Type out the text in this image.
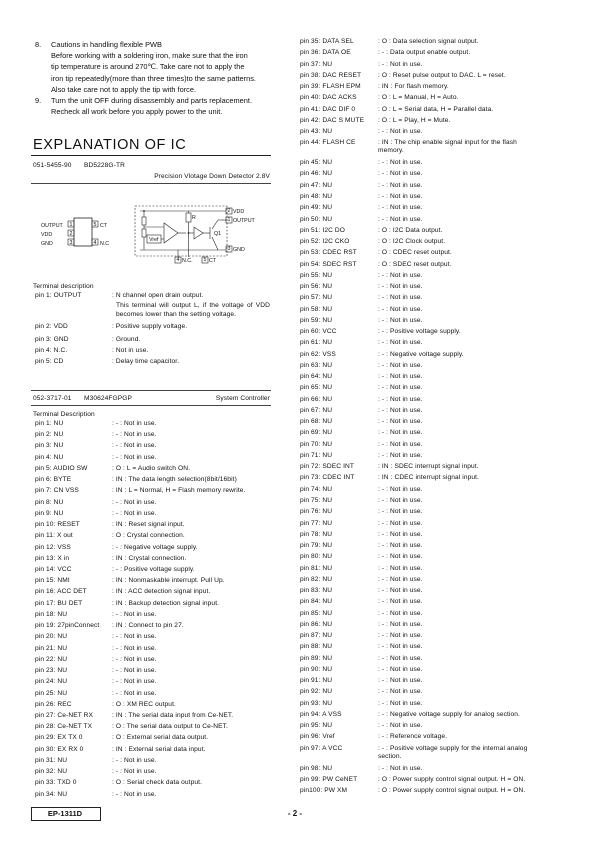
8. Cautions in handling flexible PWB
Before working with a soldering iron, make sure that the iron
tip temperature is around 270℃. Take care not to apply the
iron tip repeatedly(more than three times)to the same patterns.
Also take care not to apply the tip with force.
9. Turn the unit OFF during disassembly and parts replacement.
Recheck all work before you apply power to the unit.
EXPLANATION OF IC
051-5455-90 BD5228G-TR
Precision Vlotage Down Detector 2.8V
OUTPUT
VDD
GND
1
2
3
5
4
CT
N.C
Vref
R
Q1
2 VDD
1 OUTPUT
3 GND
4 N.C. 5 CT
Terminal description
pin 1: OUTPUT	: N channel open drain output.
This terminal will output L, if the voltage of VDD becomes lower than the setting voltage.
pin 2: VDD	: Positive supply voltage.
pin 3: GND	: Ground.
pin 4: N.C.	: Not in use.
pin 5: CD	: Delay time capacitor.
052-3717-01 M30624FGPGP	System Controller
Terminal Description
pin 1: NU	: - : Not in use.
pin 2: NU	: - : Not in use.
pin 3: NU	: - : Not in use.
pin 4: NU	: - : Not in use.
pin 5: AUDIO SW	: O : L = Audio switch ON.
pin 6: BYTE	: IN : The data length selection(8bit/16bit)
pin 7: CN VSS	: IN : L = Normal, H = Flash memory rewrite.
pin 8: NU	: - : Not in use.
pin 9: NU	: - : Not in use.
pin 10: RESET	: IN : Reset signal input.
pin 11: X out	: O : Crystal connection.
pin 12: VSS	: - : Negative voltage supply.
pin 13: X in	: IN : Crystal connection.
pin 14: VCC	: - : Positive voltage supply.
pin 15: NMI	: IN : Nonmaskable interrupt. Pull Up.
pin 16: ACC DET	: IN : ACC detection signal input.
pin 17: BU DET	: IN : Backup detection signal input.
pin 18: NU	: - : Not in use.
pin 19: 27pinConnect : IN : Connect to pin 27.
pin 20: NU	: - : Not in use.
pin 21: NU	: - : Not in use.
pin 22: NU	: - : Not in use.
pin 23: NU	: - : Not in use.
pin 24: NU	: - : Not in use.
pin 25: NU	: - : Not in use.
pin 26: REC	: O : XM REC output.
pin 27: Ce-NET RX	: IN : The serial data input from Ce-NET.
pin 28: Ce-NET TX	: O : The serial data output to Ce-NET.
pin 29: EX TX 0	: O : External serial data output.
pin 30: EX RX 0	: IN : External serial data input.
pin 31: NU	: - : Not in use.
pin 32: NU	: - : Not in use.
pin 33: TXD 0	: O : Serial check data output.
pin 34: NU	: - : Not in use.
pin 35: DATA SEL	: O : Data selection signal output.
pin 36: DATA OE	: - : Data output enable output.
pin 37: NU	: - : Not in use.
pin 38: DAC RESET	: O : Reset pulse output to DAC. L = reset.
pin 39: FLASH EPM	: IN : For flash memory.
pin 40: DAC ACKS	: O : L = Manual, H = Auto.
pin 41: DAC DIF 0	: O : L = Serial data, H = Parallel data.
pin 42: DAC S MUTE : O : L = Play, H = Mute.
pin 43: NU	: - : Not in use.
pin 44: FLASH CE	: IN : The chip enable signal input for the flash memory.
pin 45: NU	: - : Not in use.
pin 46: NU	: - : Not in use.
pin 47: NU	: - : Not in use.
pin 48: NU	: - : Not in use.
pin 49: NU	: - : Not in use.
pin 50: NU	: - : Not in use.
pin 51: I2C DO	: O : I2C Data output.
pin 52: I2C CKO	: O : I2C Clock output.
pin 53: CDEC RST	: O : CDEC reset output.
pin 54: SDEC RST	: O : SDEC reset output.
pin 55: NU	: - : Not in use.
pin 56: NU	: - : Not in use.
pin 57: NU	: - : Not in use.
pin 58: NU	: - : Not in use.
pin 59: NU	: - : Not in use.
pin 60: VCC	: - : Positive voltage supply.
pin 61: NU	: - : Not in use.
pin 62: VSS	: - : Negative voltage supply.
pin 63: NU	: - : Not in use.
pin 64: NU	: - : Not in use.
pin 65: NU	: - : Not in use.
pin 66: NU	: - : Not in use.
pin 67: NU	: - : Not in use.
pin 68: NU	: - : Not in use.
pin 69: NU	: - : Not in use.
pin 70: NU	: - : Not in use.
pin 71: NU	: - : Not in use.
pin 72: SDEC INT	: IN : SDEC interrupt signal input.
pin 73: CDEC INT	: IN : CDEC interrupt signal input.
pin 74: NU	: - : Not in use.
pin 75: NU	: - : Not in use.
pin 76: NU	: - : Not in use.
pin 77: NU	: - : Not in use.
pin 78: NU	: - : Not in use.
pin 79: NU	: - : Not in use.
pin 80: NU	: - : Not in use.
pin 81: NU	: - : Not in use.
pin 82: NU	: - : Not in use.
pin 83: NU	: - : Not in use.
pin 84: NU	: - : Not in use.
pin 85: NU	: - : Not in use.
pin 86: NU	: - : Not in use.
pin 87: NU	: - : Not in use.
pin 88: NU	: - : Not in use.
pin 89: NU	: - : Not in use.
pin 90: NU	: - : Not in use.
pin 91: NU	: - : Not in use.
pin 92: NU	: - : Not in use.
pin 93: NU	: - : Not in use.
pin 94: A VSS	: - : Negative voltage supply for analog section.
pin 95: NU	: - : Not in use.
pin 96: Vref	: - : Reference voltage.
pin 97: A VCC	: - : Positive voltage supply for the internal analog section.
pin 98: NU	: - : Not in use.
pin 99: PW CeNET	: O : Power supply control signal output. H = ON.
pin100: PW XM	: O : Power supply control signal output. H = ON.
EP-1311D	- 2 -
